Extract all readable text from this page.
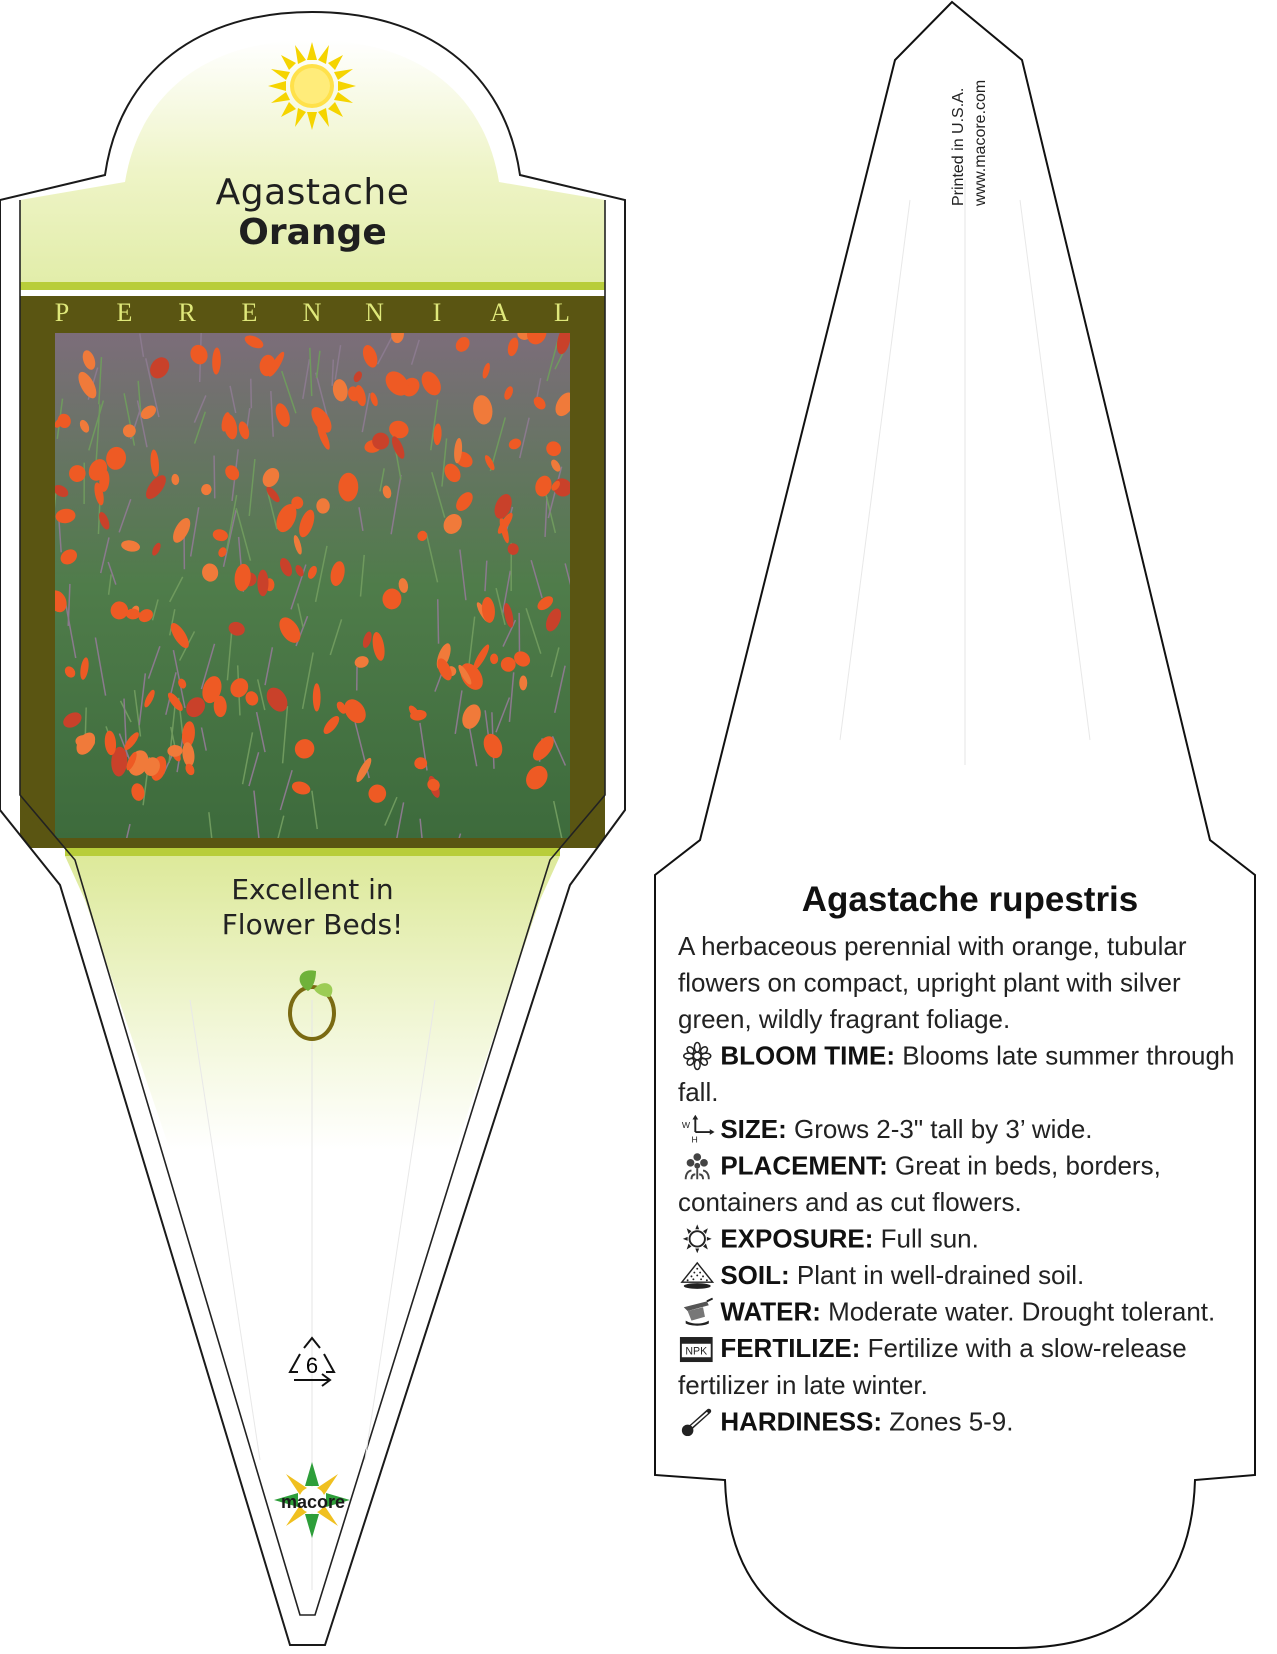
Agastache
Orange
P E R E N N I A L
Excellent in
Flower Beds!
6
macore
Printed in U.S.A. www.macore.com
Agastache rupestris

A herbaceous perennial with orange, tubular flowers on compact, upright plant with silver green, wildly fragrant foliage.

BLOOM TIME: Blooms late summer through fall.
W
H SIZE: Grows 2-3" tall by 3’ wide.
PLACEMENT: Great in beds, borders, containers and as cut flowers.
EXPOSURE: Full sun.
SOIL: Plant in well-drained soil.
WATER: Moderate water. Drought tolerant.
NPK FERTILIZE: Fertilize with a slow-release fertilizer in late winter.
HARDINESS: Zones 5-9.
